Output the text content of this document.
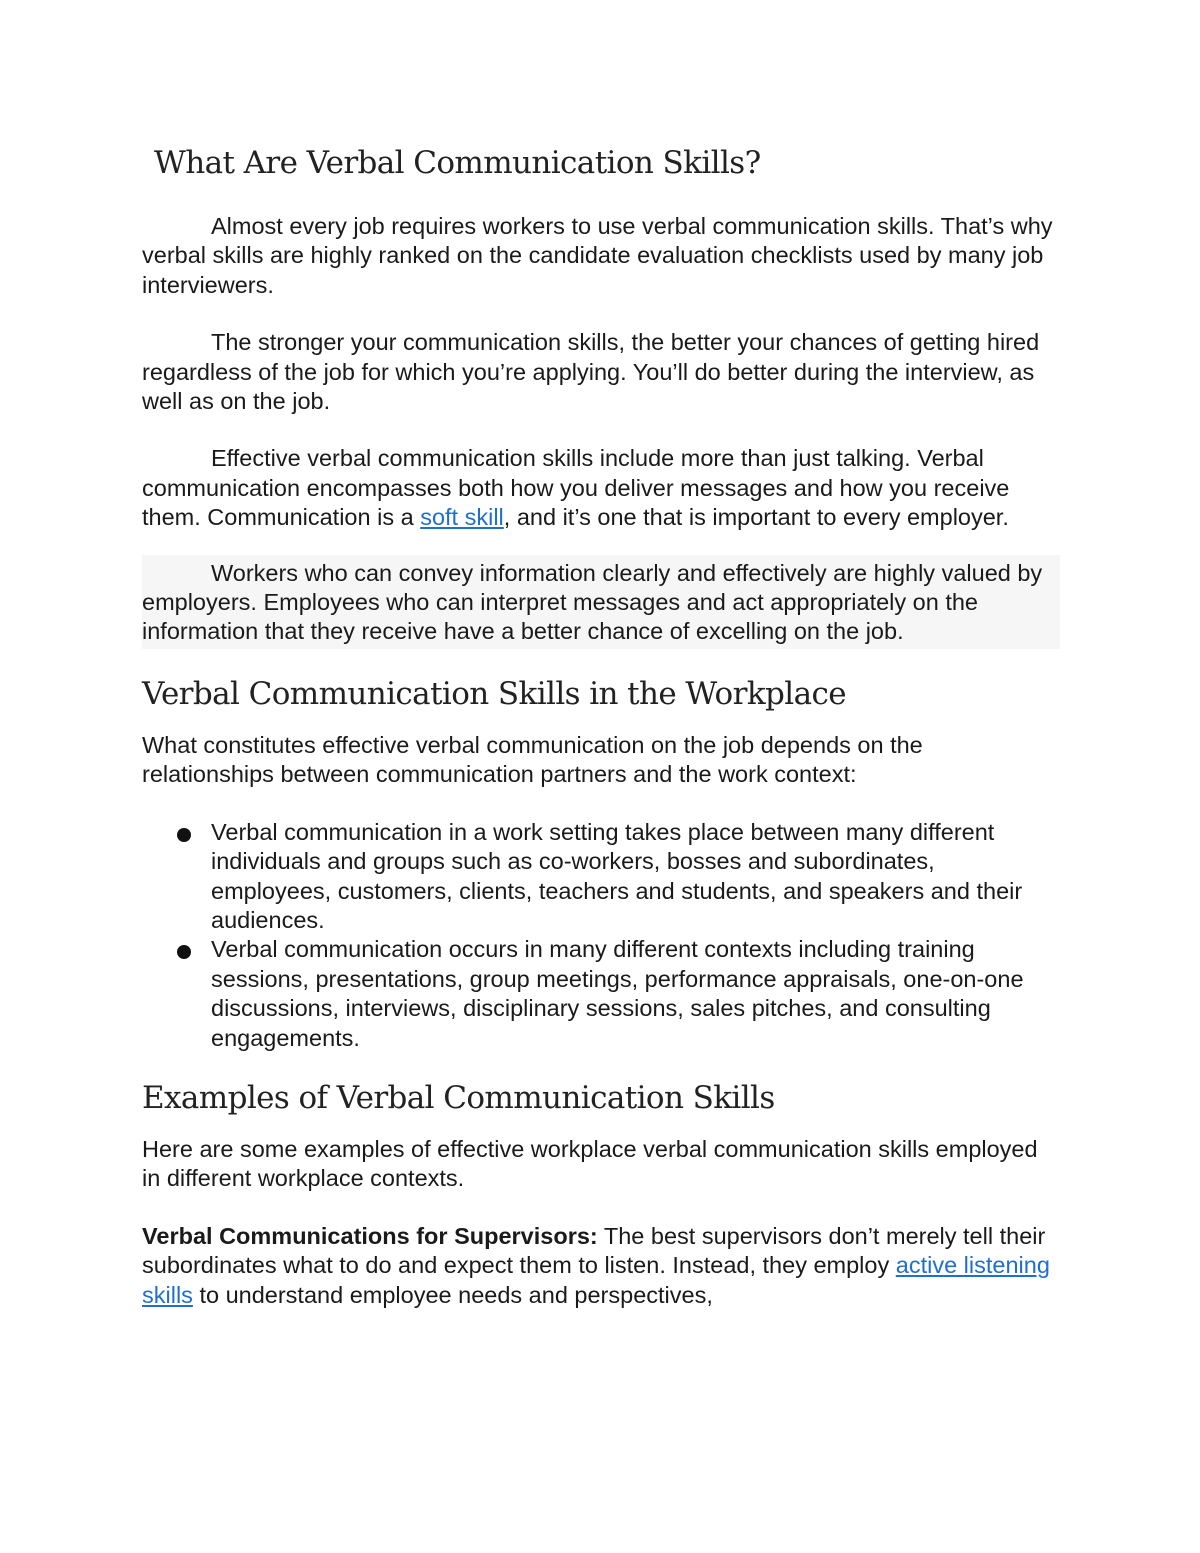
What Are Verbal Communication Skills?

Almost every job requires workers to use verbal communication skills. That’s why verbal skills are highly ranked on the candidate evaluation checklists used by many job interviewers.

The stronger your communication skills, the better your chances of getting hired regardless of the job for which you’re applying. You’ll do better during the interview, as well as on the job.

Effective verbal communication skills include more than just talking. Verbal communication encompasses both how you deliver messages and how you receive them. Communication is a soft skill, and it’s one that is important to every employer.

Workers who can convey information clearly and effectively are highly valued by employers. Employees who can interpret messages and act appropriately on the information that they receive have a better chance of excelling on the job.

Verbal Communication Skills in the Workplace

What constitutes effective verbal communication on the job depends on the relationships between communication partners and the work context:

Verbal communication in a work setting takes place between many different individuals and groups such as co-workers, bosses and subordinates, employees, customers, clients, teachers and students, and speakers and their audiences.
Verbal communication occurs in many different contexts including training sessions, presentations, group meetings, performance appraisals, one-on-one discussions, interviews, disciplinary sessions, sales pitches, and consulting engagements.
Examples of Verbal Communication Skills

Here are some examples of effective workplace verbal communication skills employed in different workplace contexts.

Verbal Communications for Supervisors: The best supervisors don’t merely tell their subordinates what to do and expect them to listen. Instead, they employ active listening skills to understand employee needs and perspectives,
